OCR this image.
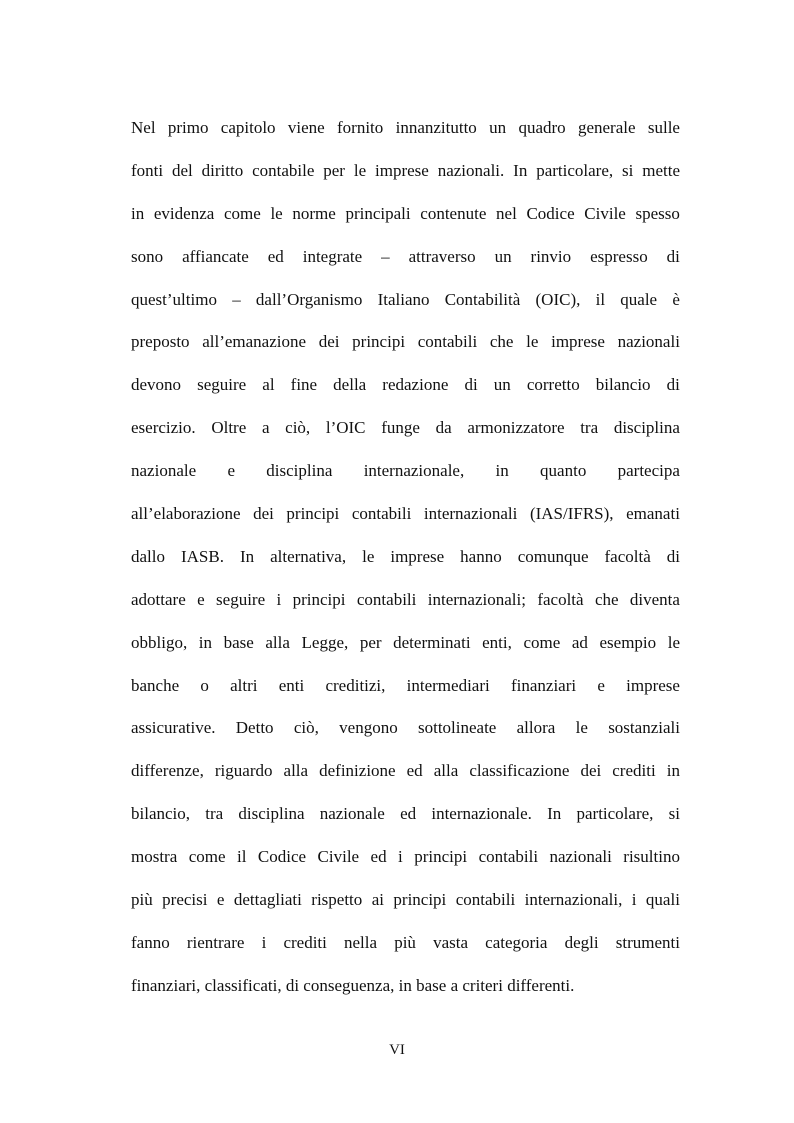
Nel primo capitolo viene fornito innanzitutto un quadro generale sulle
fonti del diritto contabile per le imprese nazionali. In particolare, si mette
in evidenza come le norme principali contenute nel Codice Civile spesso
sono affiancate ed integrate – attraverso un rinvio espresso di
quest’ultimo – dall’Organismo Italiano Contabilità (OIC), il quale è
preposto all’emanazione dei principi contabili che le imprese nazionali
devono seguire al fine della redazione di un corretto bilancio di
esercizio. Oltre a ciò, l’OIC funge da armonizzatore tra disciplina
nazionale e disciplina internazionale, in quanto partecipa
all’elaborazione dei principi contabili internazionali (IAS/IFRS), emanati
dallo IASB. In alternativa, le imprese hanno comunque facoltà di
adottare e seguire i principi contabili internazionali; facoltà che diventa
obbligo, in base alla Legge, per determinati enti, come ad esempio le
banche o altri enti creditizi, intermediari finanziari e imprese
assicurative. Detto ciò, vengono sottolineate allora le sostanziali
differenze, riguardo alla definizione ed alla classificazione dei crediti in
bilancio, tra disciplina nazionale ed internazionale. In particolare, si
mostra come il Codice Civile ed i principi contabili nazionali risultino
più precisi e dettagliati rispetto ai principi contabili internazionali, i quali
fanno rientrare i crediti nella più vasta categoria degli strumenti
finanziari, classificati, di conseguenza, in base a criteri differenti.
VI
